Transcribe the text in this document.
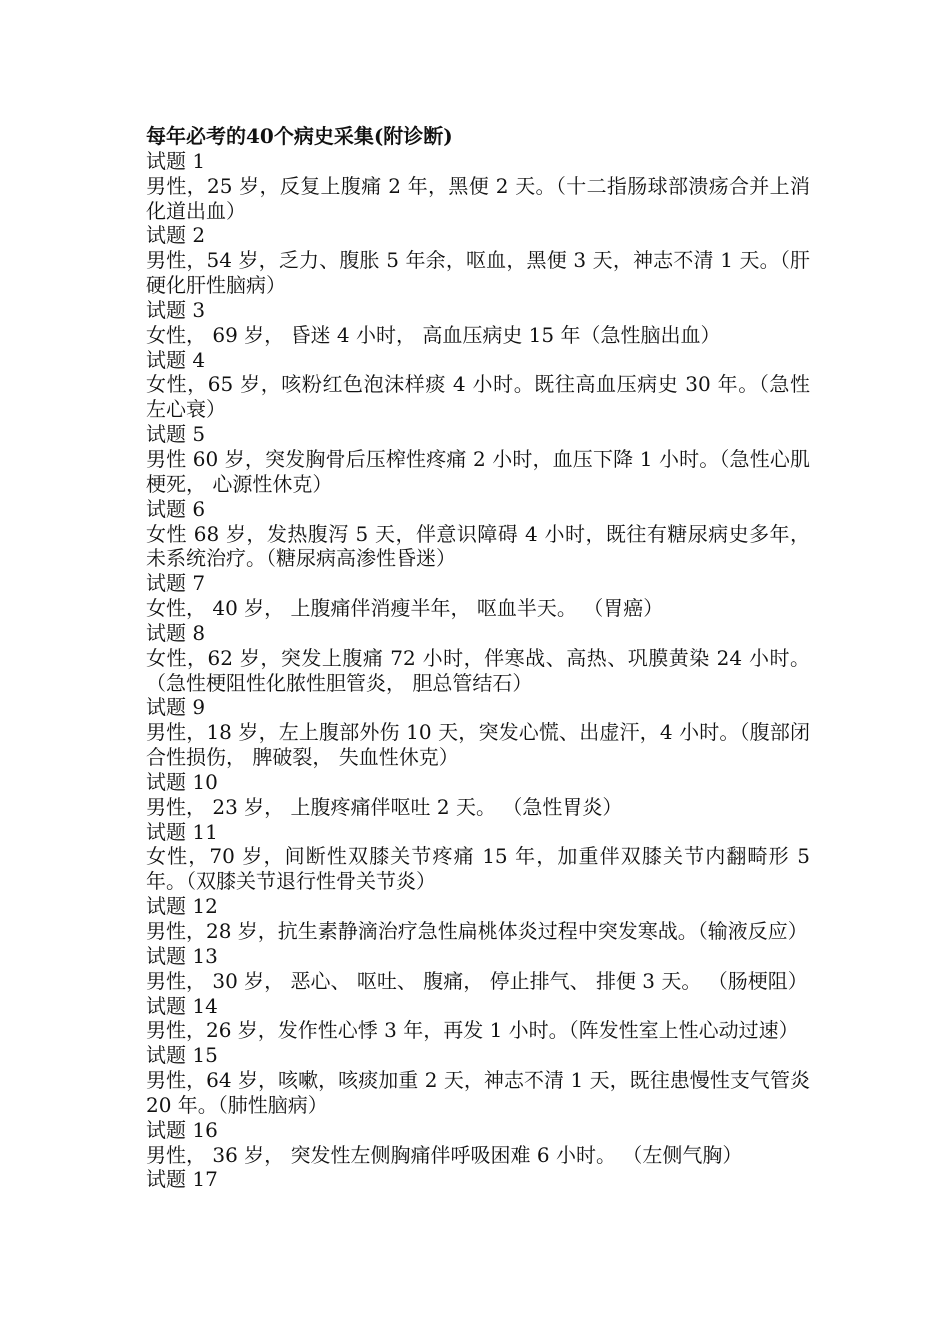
每年必考的40个病史采集(附诊断)

试题 1

男性，25 岁，反复上腹痛 2 年，黑便 2 天。（十二指肠球部溃疡合并上消化道出血）

试题 2

男性，54 岁，乏力、腹胀 5 年余，呕血，黑便 3 天，神志不清 1 天。（肝硬化肝性脑病）

试题 3

女性， 69 岁， 昏迷 4 小时， 高血压病史 15 年（急性脑出血）

试题 4

女性，65 岁，咳粉红色泡沫样痰 4 小时。既往高血压病史 30 年。（急性左心衰）

试题 5

男性 60 岁，突发胸骨后压榨性疼痛 2 小时，血压下降 1 小时。（急性心肌梗死， 心源性休克）

试题 6

女性 68 岁，发热腹泻 5 天，伴意识障碍 4 小时，既往有糖尿病史多年，未系统治疗。（糖尿病高渗性昏迷）

试题 7

女性， 40 岁， 上腹痛伴消瘦半年， 呕血半天。 （胃癌）

试题 8

女性，62 岁，突发上腹痛 72 小时，伴寒战、高热、巩膜黄染 24 小时。（急性梗阻性化脓性胆管炎， 胆总管结石）

试题 9

男性，18 岁，左上腹部外伤 10 天，突发心慌、出虚汗，4 小时。（腹部闭合性损伤， 脾破裂， 失血性休克）

试题 10

男性， 23 岁， 上腹疼痛伴呕吐 2 天。 （急性胃炎）

试题 11

女性，70 岁，间断性双膝关节疼痛 15 年，加重伴双膝关节内翻畸形 5 年。（双膝关节退行性骨关节炎）

试题 12

男性，28 岁，抗生素静滴治疗急性扁桃体炎过程中突发寒战。（输液反应）

试题 13

男性， 30 岁， 恶心、 呕吐、 腹痛， 停止排气、 排便 3 天。 （肠梗阻）

试题 14

男性，26 岁，发作性心悸 3 年，再发 1 小时。（阵发性室上性心动过速）

试题 15

男性，64 岁，咳嗽，咳痰加重 2 天，神志不清 1 天，既往患慢性支气管炎 20 年。（肺性脑病）

试题 16

男性， 36 岁， 突发性左侧胸痛伴呼吸困难 6 小时。 （左侧气胸）

试题 17
